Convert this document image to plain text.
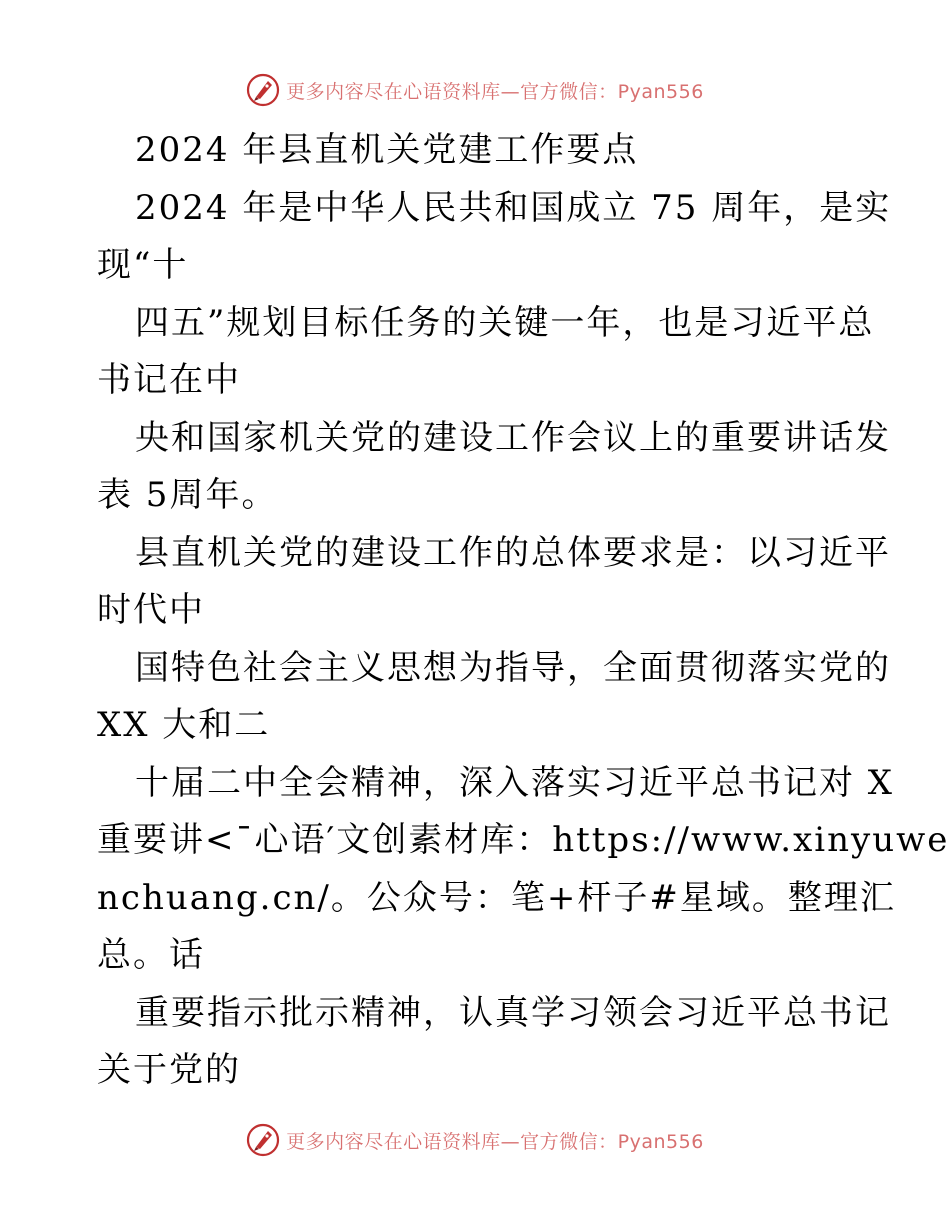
更多内容尽在心语资料库—官方微信：Pyan556
2024 年县直机关党建工作要点
2024 年是中华人民共和国成立 75 周年，是实
现“十
四五”规划目标任务的关键一年，也是习近平总
书记在中
央和国家机关党的建设工作会议上的重要讲话发
表 5周年。
县直机关党的建设工作的总体要求是：以习近平
时代中
国特色社会主义思想为指导，全面贯彻落实党的
XX 大和二
十届二中全会精神，深入落实习近平总书记对 X
重要讲<¯心语′文创素材库：https://www.xinyuwe
nchuang.cn/。公众号：笔+杆子#星域。整理汇
总。话
重要指示批示精神，认真学习领会习近平总书记
关于党的
更多内容尽在心语资料库—官方微信：Pyan556
